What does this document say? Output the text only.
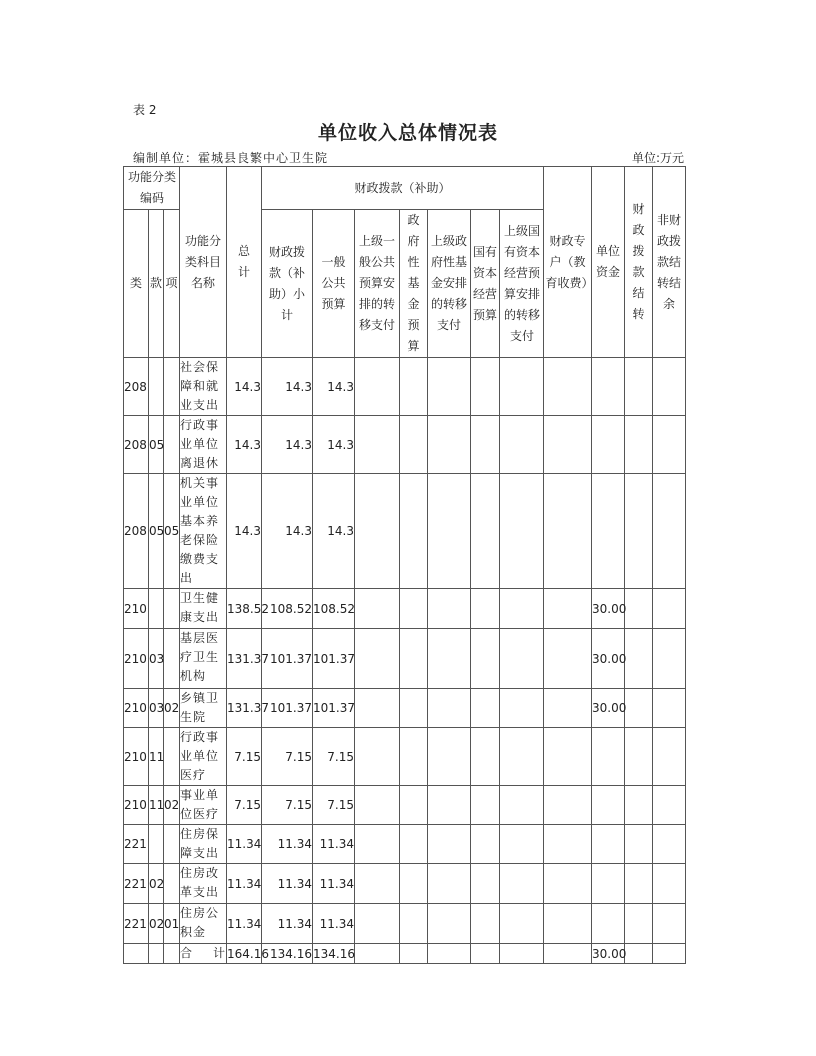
表 2
单位收入总体情况表
编制单位：霍城县良繁中心卫生院	单位:万元
功能分类编码			功能分类科目名称	总计	财政拨款（补助）							财政专户（教育收费）	单位资金	财政拨款结转	非财政拨款结转结余

类	款	项			财政拨款（补助）小计	一般公共预算	上级一般公共预算安排的转移支付	政府性基金预算	上级政府性基金安排的转移支付	国有资本经营预算	上级国有资本经营预算安排的转移支付				

208			社会保障和就业支出	14.3	14.3	14.3									
208	05		行政事业单位离退休	14.3	14.3	14.3									
208	05	05	机关事业单位基本养老保险缴费支出	14.3	14.3	14.3									
210			卫生健康支出	138.52	108.52	108.52							30.00		
210	03		基层医疗卫生机构	131.37	101.37	101.37							30.00		
210	03	02	乡镇卫生院	131.37	101.37	101.37							30.00		
210	11		行政事业单位医疗	7.15	7.15	7.15									
210	11	02	事业单位医疗	7.15	7.15	7.15									
221			住房保障支出	11.34	11.34	11.34									
221	02		住房改革支出	11.34	11.34	11.34									
221	02	01	住房公积金	11.34	11.34	11.34									
			合　计	164.16	134.16	134.16							30.00		
